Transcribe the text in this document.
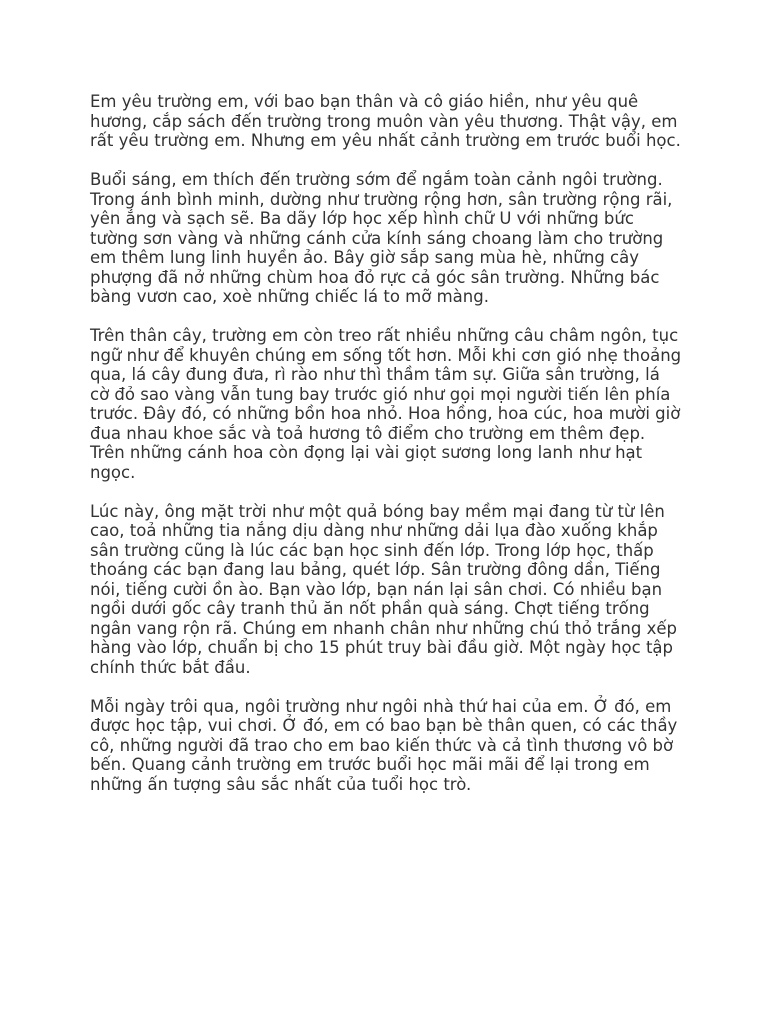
Em yêu trường em, với bao bạn thân và cô giáo hiền, như yêu quê
hương, cắp sách đến trường trong muôn vàn yêu thương. Thật vậy, em
rất yêu trường em. Nhưng em yêu nhất cảnh trường em trước buổi học.
Buổi sáng, em thích đến trường sớm để ngắm toàn cảnh ngôi trường.
Trong ánh bình minh, dường như trường rộng hơn, sân trường rộng rãi,
yên ắng và sạch sẽ. Ba dãy lớp học xếp hình chữ U với những bức
tường sơn vàng và những cánh cửa kính sáng choang làm cho trường
em thêm lung linh huyền ảo. Bây giờ sắp sang mùa hè, những cây
phượng đã nở những chùm hoa đỏ rực cả góc sân trường. Những bác
bàng vươn cao, xoè những chiếc lá to mỡ màng.
Trên thân cây, trường em còn treo rất nhiều những câu châm ngôn, tục
ngữ như để khuyên chúng em sống tốt hơn. Mỗi khi cơn gió nhẹ thoảng
qua, lá cây đung đưa, rì rào như thì thầm tâm sự. Giữa sân trường, lá
cờ đỏ sao vàng vẫn tung bay trước gió như gọi mọi người tiến lên phía
trước. Đây đó, có những bồn hoa nhỏ. Hoa hồng, hoa cúc, hoa mười giờ
đua nhau khoe sắc và toả hương tô điểm cho trường em thêm đẹp.
Trên những cánh hoa còn đọng lại vài giọt sương long lanh như hạt
ngọc.
Lúc này, ông mặt trời như một quả bóng bay mềm mại đang từ từ lên
cao, toả những tia nắng dịu dàng như những dải lụa đào xuống khắp
sân trường cũng là lúc các bạn học sinh đến lớp. Trong lớp học, thấp
thoáng các bạn đang lau bảng, quét lớp. Sân trường đông dần, Tiếng
nói, tiếng cười ồn ào. Bạn vào lớp, bạn nán lại sân chơi. Có nhiều bạn
ngồi dưới gốc cây tranh thủ ăn nốt phần quà sáng. Chợt tiếng trống
ngân vang rộn rã. Chúng em nhanh chân như những chú thỏ trắng xếp
hàng vào lớp, chuẩn bị cho 15 phút truy bài đầu giờ. Một ngày học tập
chính thức bắt đầu.
Mỗi ngày trôi qua, ngôi trường như ngôi nhà thứ hai của em. Ở đó, em
được học tập, vui chơi. Ở đó, em có bao bạn bè thân quen, có các thầy
cô, những người đã trao cho em bao kiến thức và cả tình thương vô bờ
bến. Quang cảnh trường em trước buổi học mãi mãi để lại trong em
những ấn tượng sâu sắc nhất của tuổi học trò.
